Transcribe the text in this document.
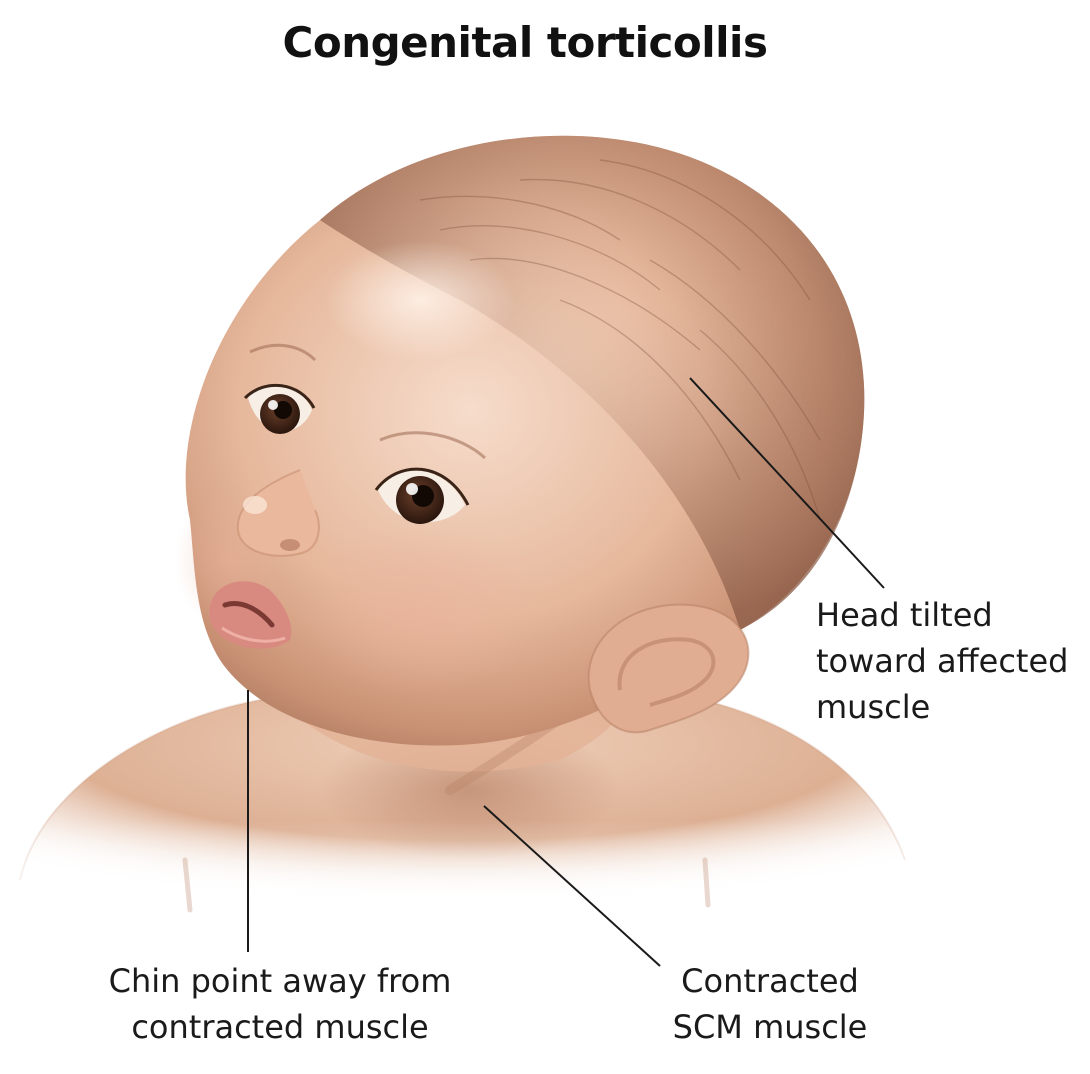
Congenital torticollis
Head tilted
toward affected
muscle
Chin point away from
contracted muscle
Contracted
SCM muscle
